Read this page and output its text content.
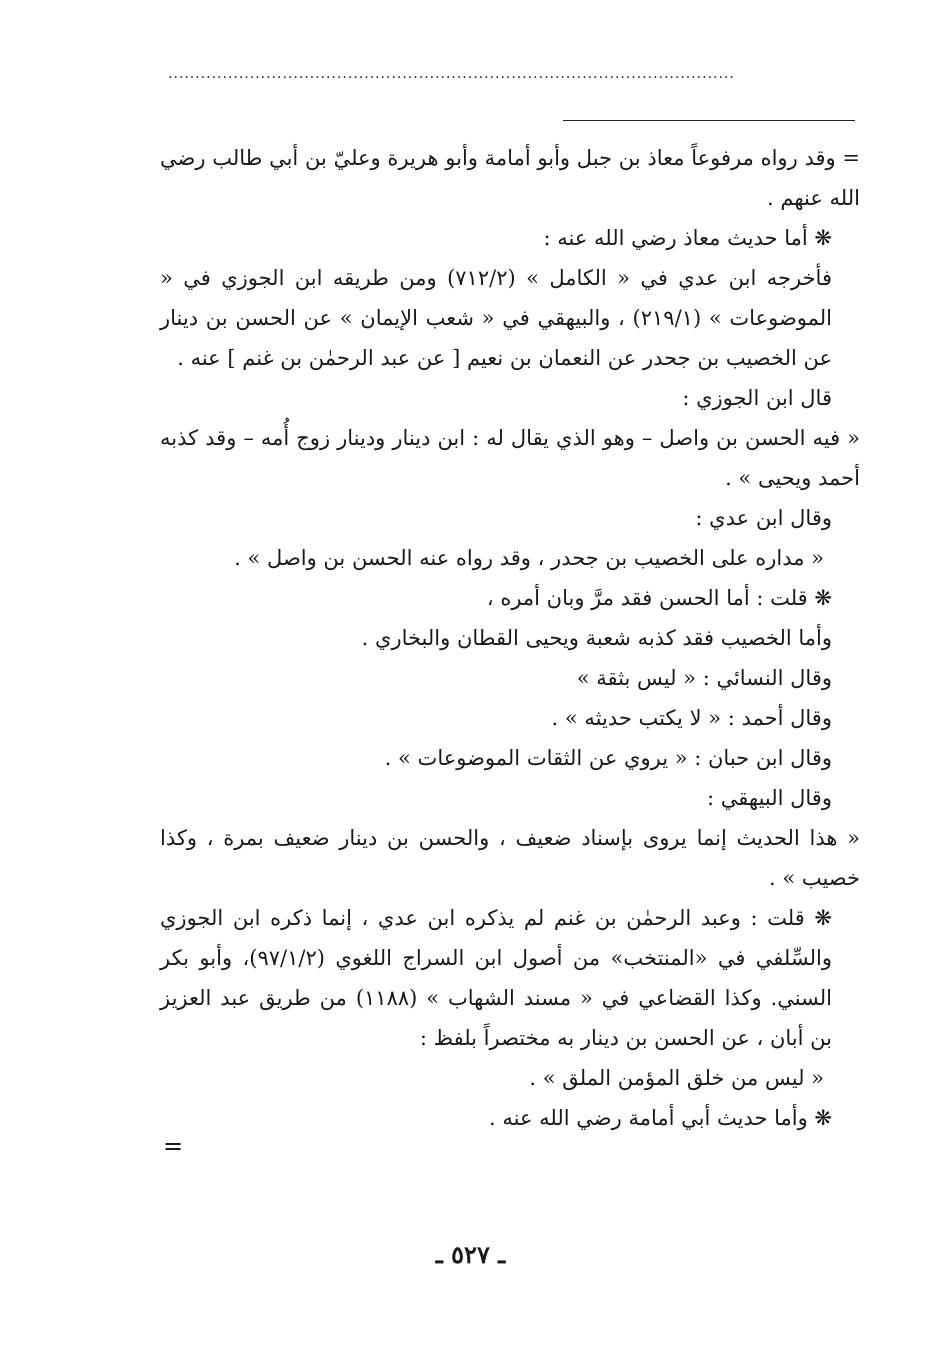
........................................................................................................

= وقد رواه مرفوعاً معاذ بن جبل وأبو أمامة وأبو هريرة وعليّ بن أبي طالب رضي الله عنهم .

❋ أما حديث معاذ رضي الله عنه :

فأخرجه ابن عدي في « الكامل » (٧١٢/٢) ومن طريقه ابن الجوزي في « الموضوعات » (٢١٩/١) ، والبيهقي في « شعب الإيمان » عن الحسن بن دينار عن الخصيب بن جحدر عن النعمان بن نعيم [ عن عبد الرحمٰن بن غنم ] عنه .

قال ابن الجوزي :

« فيه الحسن بن واصل – وهو الذي يقال له : ابن دينار ودينار زوج أُمه – وقد كذبه أحمد ويحيى » .

وقال ابن عدي :

« مداره على الخصيب بن جحدر ، وقد رواه عنه الحسن بن واصل » .

❋ قلت : أما الحسن فقد مرَّ وبان أمره ،

وأما الخصيب فقد كذبه شعبة ويحيى القطان والبخاري .

وقال النسائي : « ليس بثقة »

وقال أحمد : « لا يكتب حديثه » .

وقال ابن حبان : « يروي عن الثقات الموضوعات » .

وقال البيهقي :

« هذا الحديث إنما يروى بإسناد ضعيف ، والحسن بن دينار ضعيف بمرة ، وكذا خصيب » .

❋ قلت : وعبد الرحمٰن بن غنم لم يذكره ابن عدي ، إنما ذكره ابن الجوزي والسِّلفي في «المنتخب» من أصول ابن السراج اللغوي (٩٧/١/٢)، وأبو بكر السني. وكذا القضاعي في « مسند الشهاب » (١١٨٨) من طريق عبد العزيز بن أبان ، عن الحسن بن دينار به مختصراً بلفظ :

« ليس من خلق المؤمن الملق » .

❋ وأما حديث أبي أمامة رضي الله عنه .

=
ـ ٥٢٧ ـ
